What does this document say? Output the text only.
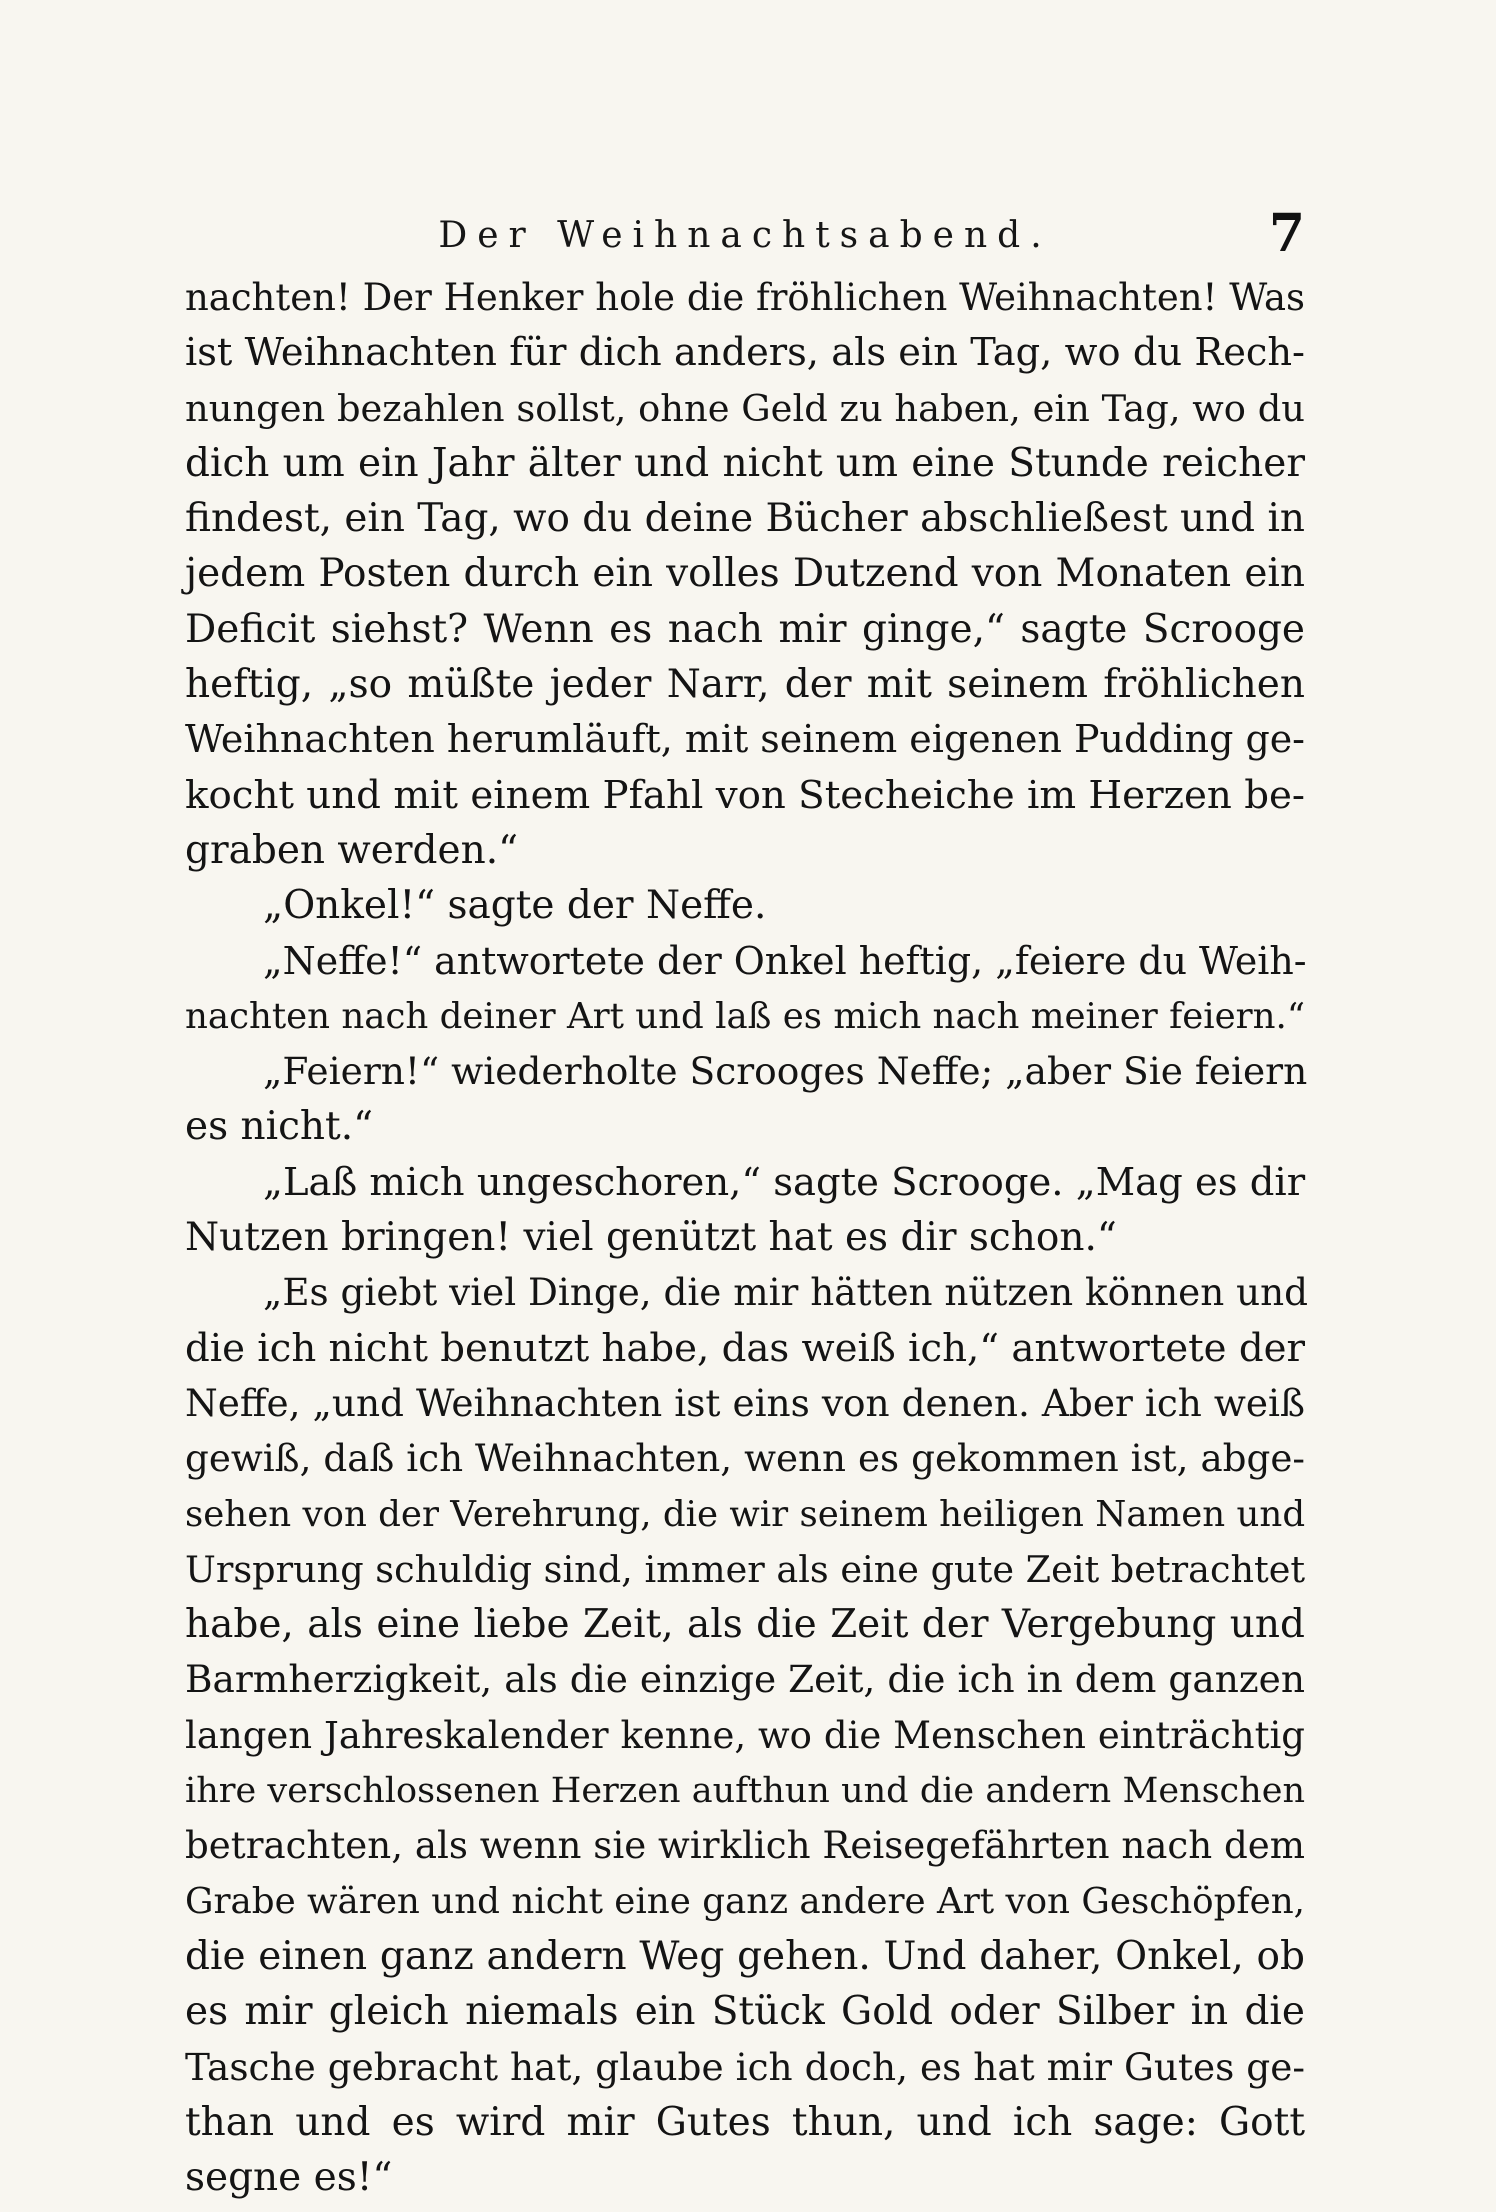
Der Weihnachtsabend.	7
nachten! Der Henker hole die fröhlichen Weihnachten! Was
ist Weihnachten für dich anders, als ein Tag, wo du Rech-
nungen bezahlen sollst, ohne Geld zu haben, ein Tag, wo du
dich um ein Jahr älter und nicht um eine Stunde reicher
findest, ein Tag, wo du deine Bücher abschließest und in
jedem Posten durch ein volles Dutzend von Monaten ein
Deficit siehst? Wenn es nach mir ginge,“ sagte Scrooge
heftig, „so müßte jeder Narr, der mit seinem fröhlichen
Weihnachten herumläuft, mit seinem eigenen Pudding ge-
kocht und mit einem Pfahl von Stecheiche im Herzen be-
graben werden.“
„Onkel!“ sagte der Neffe.
„Neffe!“ antwortete der Onkel heftig, „feiere du Weih-
nachten nach deiner Art und laß es mich nach meiner feiern.“
„Feiern!“ wiederholte Scrooges Neffe; „aber Sie feiern
es nicht.“
„Laß mich ungeschoren,“ sagte Scrooge. „Mag es dir
Nutzen bringen! viel genützt hat es dir schon.“
„Es giebt viel Dinge, die mir hätten nützen können und
die ich nicht benutzt habe, das weiß ich,“ antwortete der
Neffe, „und Weihnachten ist eins von denen. Aber ich weiß
gewiß, daß ich Weihnachten, wenn es gekommen ist, abge-
sehen von der Verehrung, die wir seinem heiligen Namen und
Ursprung schuldig sind, immer als eine gute Zeit betrachtet
habe, als eine liebe Zeit, als die Zeit der Vergebung und
Barmherzigkeit, als die einzige Zeit, die ich in dem ganzen
langen Jahreskalender kenne, wo die Menschen einträchtig
ihre verschlossenen Herzen aufthun und die andern Menschen
betrachten, als wenn sie wirklich Reisegefährten nach dem
Grabe wären und nicht eine ganz andere Art von Geschöpfen,
die einen ganz andern Weg gehen. Und daher, Onkel, ob
es mir gleich niemals ein Stück Gold oder Silber in die
Tasche gebracht hat, glaube ich doch, es hat mir Gutes ge-
than und es wird mir Gutes thun, und ich sage: Gott
segne es!“
